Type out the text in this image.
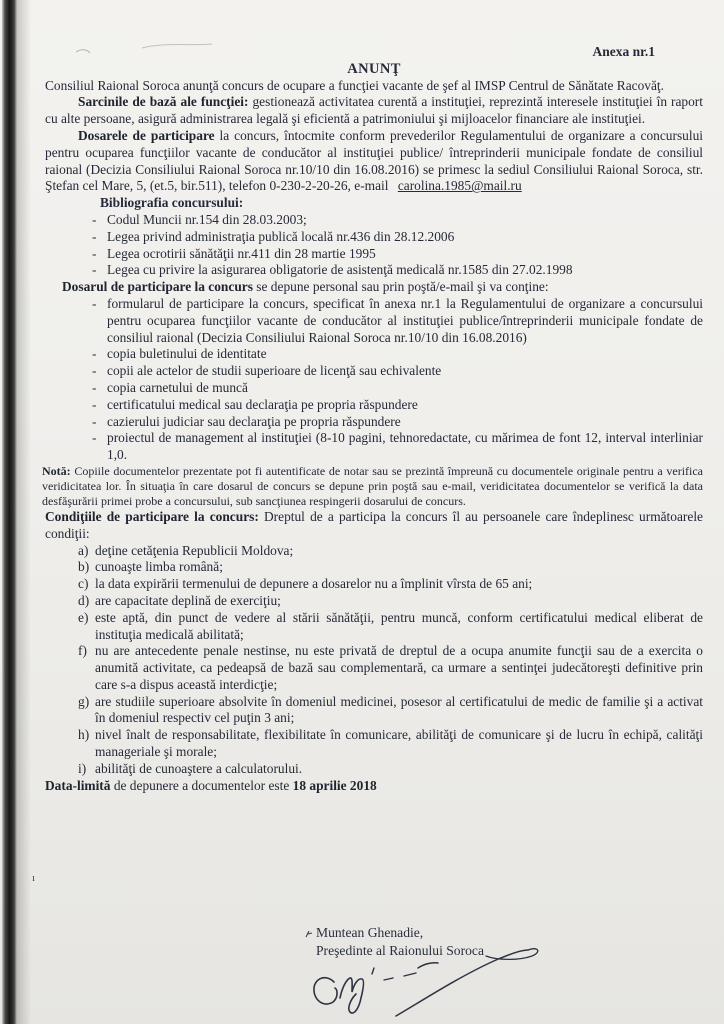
Anexa nr.1

ANUNŢ

Consiliul Raional Soroca anunţă concurs de ocupare a funcţiei vacante de şef al IMSP Centrul de Sănătate Racovăţ.

Sarcinile de bază ale funcţiei: gestionează activitatea curentă a instituţiei, reprezintă interesele instituţiei în raport cu alte persoane, asigură administrarea legală şi eficientă a patrimoniului şi mijloacelor financiare ale instituţiei.

Dosarele de participare la concurs, întocmite conform prevederilor Regulamentului de organizare a concursului pentru ocuparea funcţiilor vacante de conducător al instituţiei publice/ întreprinderii municipale fondate de consiliul raional (Decizia Consiliului Raional Soroca nr.10/10 din 16.08.2016) se primesc la sediul Consiliului Raional Soroca, str. Ştefan cel Mare, 5, (et.5, bir.511), telefon 0-230-2-20-26, e-mail carolina.1985@mail.ru

Bibliografia concursului:

- Codul Muncii nr.154 din 28.03.2003;

- Legea privind administraţia publică locală nr.436 din 28.12.2006

- Legea ocrotirii sănătăţii nr.411 din 28 martie 1995

- Legea cu privire la asigurarea obligatorie de asistenţă medicală nr.1585 din 27.02.1998

Dosarul de participare la concurs se depune personal sau prin poştă/e-mail şi va conţine:

- formularul de participare la concurs, specificat în anexa nr.1 la Regulamentului de organizare a concursului pentru ocuparea funcţiilor vacante de conducător al instituţiei publice/întreprinderii municipale fondate de consiliul raional (Decizia Consiliului Raional Soroca nr.10/10 din 16.08.2016)

- copia buletinului de identitate

- copii ale actelor de studii superioare de licenţă sau echivalente

- copia carnetului de muncă

- certificatului medical sau declaraţia pe propria răspundere

- cazierului judiciar sau declaraţia pe propria răspundere

- proiectul de management al instituţiei (8-10 pagini, tehnoredactate, cu mărimea de font 12, interval interliniar 1,0.

Notă: Copiile documentelor prezentate pot fi autentificate de notar sau se prezintă împreună cu documentele originale pentru a verifica veridicitatea lor. În situaţia în care dosarul de concurs se depune prin poştă sau e-mail, veridicitatea documentelor se verifică la data desfăşurării primei probe a concursului, sub sancţiunea respingerii dosarului de concurs.

Condiţiile de participare la concurs: Dreptul de a participa la concurs îl au persoanele care îndeplinesc următoarele condiţii:

a) deţine cetăţenia Republicii Moldova;

b) cunoaşte limba română;

c) la data expirării termenului de depunere a dosarelor nu a împlinit vîrsta de 65 ani;

d) are capacitate deplină de exerciţiu;

e) este aptă, din punct de vedere al stării sănătăţii, pentru muncă, conform certificatului medical eliberat de instituţia medicală abilitată;

f) nu are antecedente penale nestinse, nu este privată de dreptul de a ocupa anumite funcţii sau de a exercita o anumită activitate, ca pedeapsă de bază sau complementară, ca urmare a sentinţei judecătoreşti definitive prin care s-a dispus această interdicţie;

g) are studiile superioare absolvite în domeniul medicinei, posesor al certificatului de medic de familie şi a activat în domeniul respectiv cel puţin 3 ani;

h) nivel înalt de responsabilitate, flexibilitate în comunicare, abilităţi de comunicare şi de lucru în echipă, calităţi manageriale şi morale;

i) abilităţi de cunoaştere a calculatorului.

Data-limită de depunere a documentelor este 18 aprilie 2018

ı
Muntean Ghenadie,
Preşedinte al Raionului Soroca
